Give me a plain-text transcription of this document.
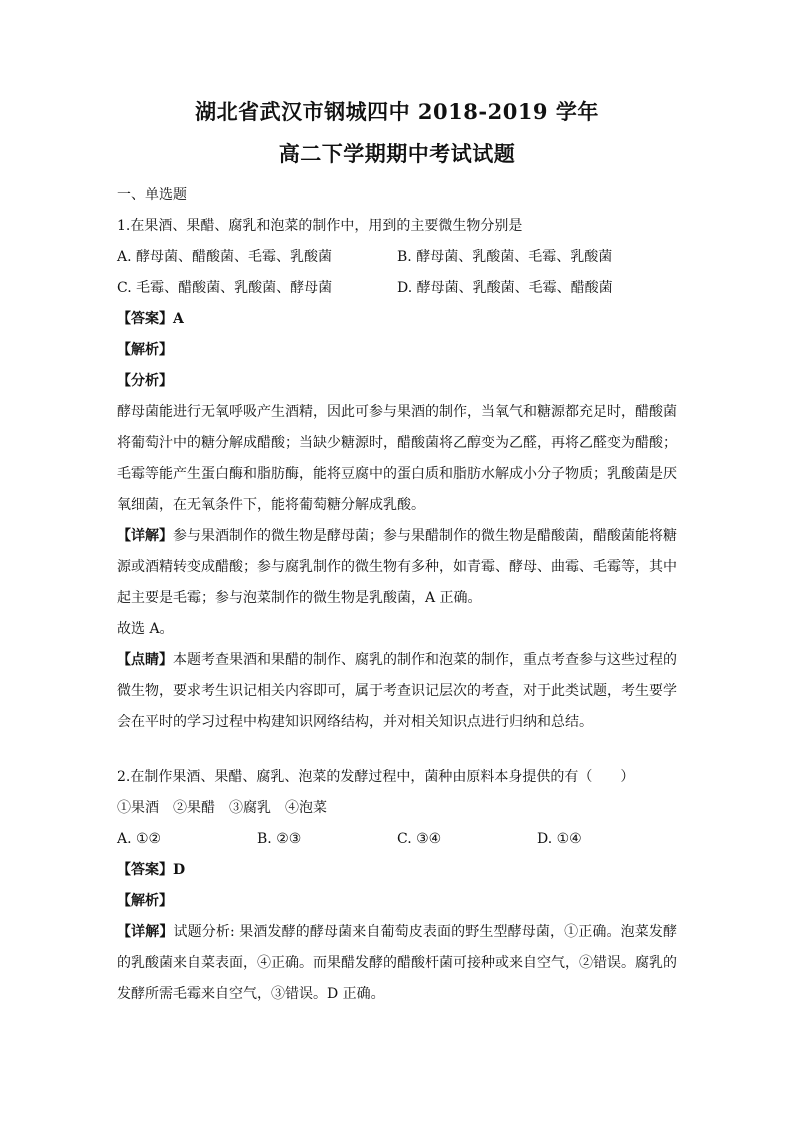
湖北省武汉市钢城四中 2018-2019 学年
高二下学期期中考试试题

一、单选题

1.在果酒、果醋、腐乳和泡菜的制作中，用到的主要微生物分别是

A. 酵母菌、醋酸菌、毛霉、乳酸菌	B. 酵母菌、乳酸菌、毛霉、乳酸菌
C. 毛霉、醋酸菌、乳酸菌、酵母菌	D. 酵母菌、乳酸菌、毛霉、醋酸菌

【答案】A

【解析】

【分析】

酵母菌能进行无氧呼吸产生酒精，因此可参与果酒的制作，当氧气和糖源都充足时，醋酸菌将葡萄汁中的糖分解成醋酸；当缺少糖源时，醋酸菌将乙醇变为乙醛，再将乙醛变为醋酸；毛霉等能产生蛋白酶和脂肪酶，能将豆腐中的蛋白质和脂肪水解成小分子物质；乳酸菌是厌氧细菌，在无氧条件下，能将葡萄糖分解成乳酸。

【详解】参与果酒制作的微生物是酵母菌；参与果醋制作的微生物是醋酸菌，醋酸菌能将糖源或酒精转变成醋酸；参与腐乳制作的微生物有多种，如青霉、酵母、曲霉、毛霉等，其中起主要是毛霉；参与泡菜制作的微生物是乳酸菌，A 正确。

故选 A。

【点睛】本题考查果酒和果醋的制作、腐乳的制作和泡菜的制作，重点考查参与这些过程的微生物，要求考生识记相关内容即可，属于考查识记层次的考查，对于此类试题，考生要学会在平时的学习过程中构建知识网络结构，并对相关知识点进行归纳和总结。

2.在制作果酒、果醋、腐乳、泡菜的发酵过程中，菌种由原料本身提供的有（　　）

①果酒　②果醋　③腐乳　④泡菜

A. ①②	B. ②③	C. ③④	D. ①④

【答案】D

【解析】

【详解】试题分析: 果酒发酵的酵母菌来自葡萄皮表面的野生型酵母菌，①正确。泡菜发酵的乳酸菌来自菜表面，④正确。而果醋发酵的醋酸杆菌可接种或来自空气，②错误。腐乳的发酵所需毛霉来自空气，③错误。D 正确。
